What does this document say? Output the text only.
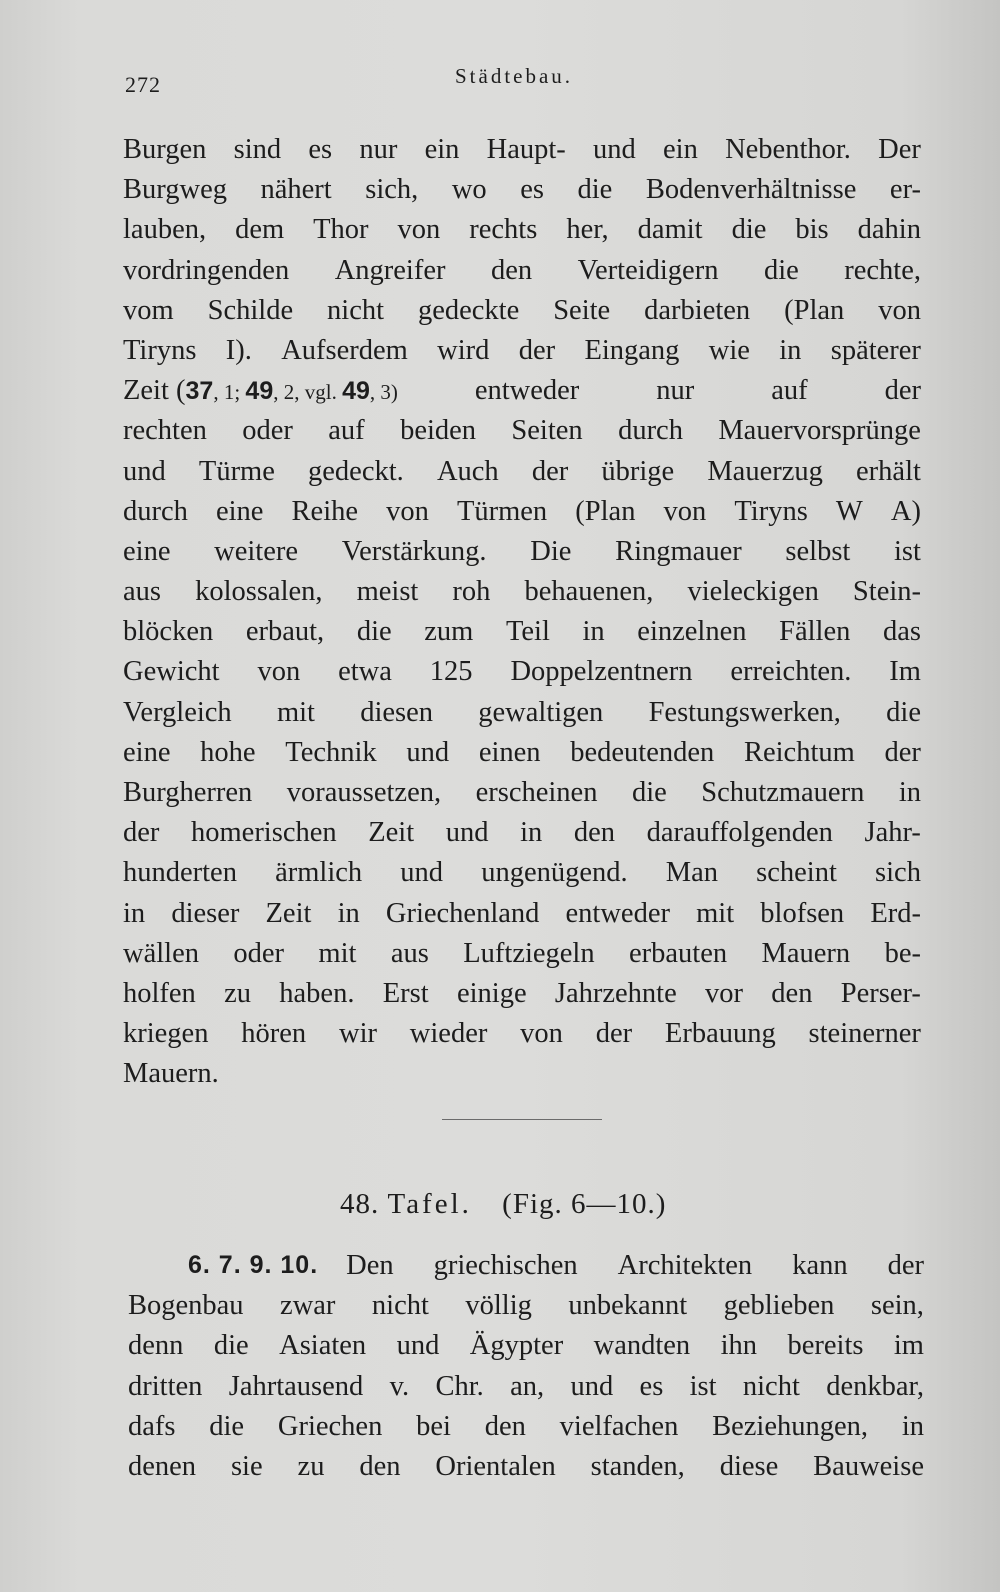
272	Städtebau.
Burgen sind es nur ein Haupt- und ein Nebenthor. Der
Burgweg nähert sich, wo es die Bodenverhältnisse er-
lauben, dem Thor von rechts her, damit die bis dahin
vordringenden Angreifer den Verteidigern die rechte,
vom Schilde nicht gedeckte Seite darbieten (Plan von
Tiryns I). Aufserdem wird der Eingang wie in späterer
Zeit (37, 1; 49, 2, vgl. 49, 3)	entweder	nur	auf	der
rechten oder auf beiden Seiten durch Mauervorsprünge
und Türme gedeckt. Auch der übrige Mauerzug erhält
durch eine Reihe von Türmen (Plan von Tiryns W A)
eine weitere Verstärkung. Die Ringmauer selbst ist
aus kolossalen, meist roh behauenen, vieleckigen Stein-
blöcken erbaut, die zum Teil in einzelnen Fällen das
Gewicht von etwa 125 Doppelzentnern erreichten. Im
Vergleich mit diesen gewaltigen Festungswerken, die
eine hohe Technik und einen bedeutenden Reichtum der
Burgherren voraussetzen, erscheinen die Schutzmauern in
der homerischen Zeit und in den darauffolgenden Jahr-
hunderten ärmlich und ungenügend. Man scheint sich
in dieser Zeit in Griechenland entweder mit blofsen Erd-
wällen oder mit aus Luftziegeln erbauten Mauern be-
holfen zu haben. Erst einige Jahrzehnte vor den Perser-
kriegen hören wir wieder von der Erbauung steinerner
Mauern.
48. Tafel. (Fig. 6—10.)
6. 7. 9. 10. Den griechischen Architekten kann der
Bogenbau zwar nicht völlig unbekannt geblieben sein,
denn die Asiaten und Ägypter wandten ihn bereits im
dritten Jahrtausend v. Chr. an, und es ist nicht denkbar,
dafs die Griechen bei den vielfachen Beziehungen, in
denen sie zu den Orientalen standen, diese Bauweise
